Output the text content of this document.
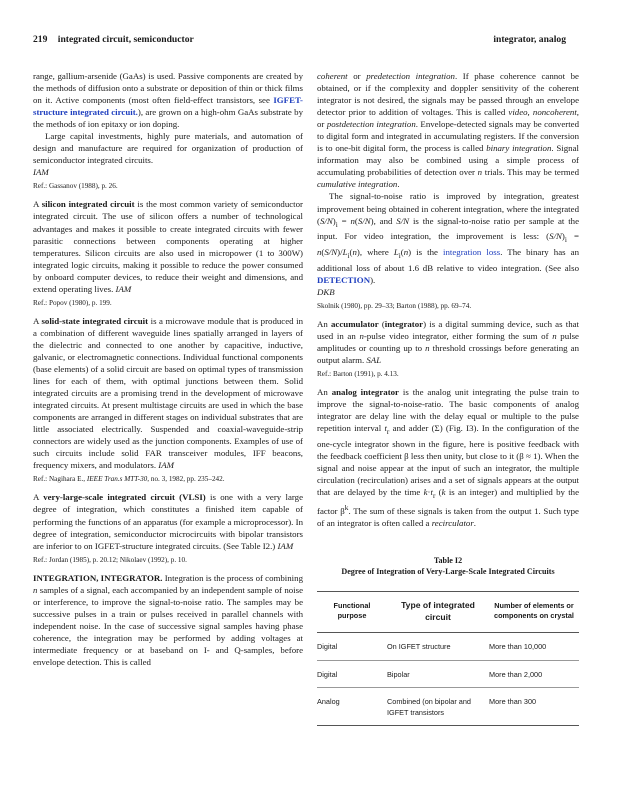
219 integrated circuit, semiconductor	integrator, analog

range, gallium-arsenide (GaAs) is used. Passive components are created by the methods of diffusion onto a substrate or deposition of thin or thick films on it. Active components (most often field-effect transistors, see IGFET-structure integrated circuit.), are grown on a high-ohm GaAs substrate by the methods of ion epitaxy or ion doping.

Large capital investments, highly pure materials, and automation of design and manufacture are required for organization of production of semiconductor integrated circuits.

IAM

Ref.: Gassanov (1988), p. 26.

A silicon integrated circuit is the most common variety of semiconductor integrated circuit. The use of silicon offers a number of technological advantages and makes it possible to create integrated circuits with fewer parasitic connections between components operating at higher temperatures. Silicon circuits are also used in micropower (1 to 300W) integrated logic circuits, making it possible to reduce the power consumed by onboard computer devices, to reduce their weight and dimensions, and extend operating lives. IAM

Ref.: Popov (1980), p. 199.

A solid-state integrated circuit is a microwave module that is produced in a combination of different waveguide lines spatially arranged in layers of the dielectric and connected to one another by capacitive, inductive, galvanic, or electromagnetic connections. Individual functional components (base elements) of a solid circuit are based on optimal types of transmission lines for each of them, with optimal junctions between them. Solid integrated circuits are a promising trend in the development of microwave integrated circuits. At present multistage circuits are used in which the base components are arranged in different stages on individual substrates that are little associated electrically. Suspended and coaxial-waveguide-strip connectors are widely used as the junction components. Examples of use of such circuits include solid FAR transceiver modules, IFF beacons, frequency mixers, and modulators. IAM

Ref.: Nagihara E., IEEE Tran.s MTT-30, no. 3, 1982, pp. 235–242.

A very-large-scale integrated circuit (VLSI) is one with a very large degree of integration, which constitutes a finished item capable of performing the functions of an apparatus (for example a microprocessor). In degree of integration, semiconductor microcircuits with bipolar transistors are inferior to on IGFET-structure integrated circuits. (See Table I2.) IAM

Ref.: Jordan (1985), p. 20.12; Nikolaev (1992), p. 10.

INTEGRATION, INTEGRATOR. Integration is the process of combining n samples of a signal, each accompanied by an independent sample of noise or interference, to improve the signal-to-noise ratio. The samples may be successive pulses in a train or pulses received in parallel channels with independent noise. In the case of successive signal samples having phase coherence, the integration may be performed by adding voltages at intermediate frequency or at baseband on I- and Q-samples, before envelope detection. This is called

coherent or predetection integration. If phase coherence cannot be obtained, or if the complexity and doppler sensitivity of the coherent integrator is not desired, the signals may be passed through an envelope detector prior to addition of voltages. This is called video, noncoherent, or postdetection integration. Envelope-detected signals may be converted to digital form and integrated in accumulating registers. If the conversion is to one-bit digital form, the process is called binary integration. Signal information may also be combined using a simple process of accumulating probabilities of detection over n trials. This may be termed cumulative integration.

The signal-to-noise ratio is improved by integration, greatest improvement being obtained in coherent integration, where the integrated $(S/N)_i = n(S/N)$, and S/N is the signal-to-noise ratio per sample at the input. For video integration, the improvement is less: $(S/N)_i = n(S/N)/L_i(n)$, where $L_i(n)$ is the integration loss. The binary has an additional loss of about 1.6 dB relative to video integration. (See also DETECTION).

DKB

Skolnik (1980), pp. 29–33; Barton (1988), pp. 69–74.

An accumulator (integrator) is a digital summing device, such as that used in an n-pulse video integrator, either forming the sum of n pulse amplitudes or counting up to n threshold crossings before generating an output alarm. SAL

Ref.: Barton (1991), p. 4.13.

An analog integrator is the analog unit integrating the pulse train to improve the signal-to-noise-ratio. The basic components of analog integrator are delay line with the delay equal or multiple to the pulse repetition interval $t_r$ and adder (Σ) (Fig. I3). In the configuration of the one-cycle integrator shown in the figure, here is positive feedback with the feedback coefficient β less then unity, but close to it (β ≈ 1). When the signal and noise appear at the input of such an integrator, the multiple circulation (recirculation) arises and a set of signals appears at the output that are delayed by the time $k\cdot t_r$ (k is an integer) and multiplied by the factor $\beta^k$. The sum of these signals is taken from the output 1. Such type of an integrator is often called a recirculator.

Table I2
Degree of Integration of Very-Large-Scale Integrated Circuits
Functional purpose	Type of integrated circuit	Number of elements or components on crystal
Digital	On IGFET structure	More than 10,000
Digital	Bipolar	More than 2,000
Analog	Combined (on bipolar and IGFET transistors	More than 300
